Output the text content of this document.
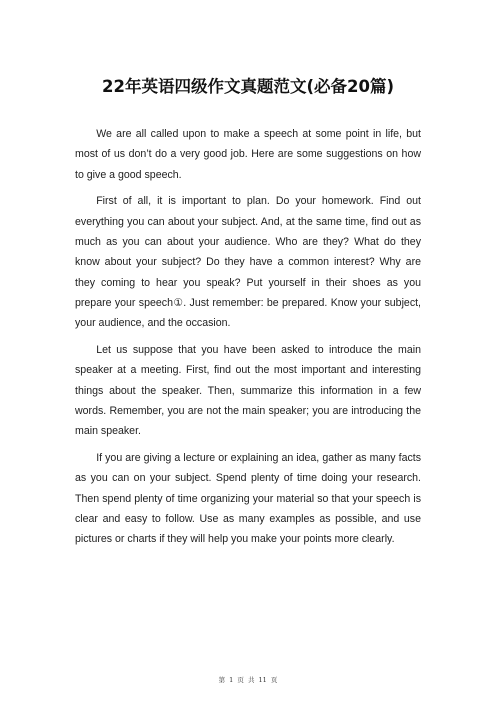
22年英语四级作文真题范文(必备20篇)

We are all called upon to make a speech at some point in life, but most of us don’t do a very good job. Here are some suggestions on how to give a good speech.

First of all, it is important to plan. Do your homework. Find out everything you can about your subject. And, at the same time, find out as much as you can about your audience. Who are they? What do they know about your subject? Do they have a common interest? Why are they coming to hear you speak? Put yourself in their shoes as you prepare your speech①. Just remember: be prepared. Know your subject, your audience, and the occasion.

Let us suppose that you have been asked to introduce the main speaker at a meeting. First, find out the most important and interesting things about the speaker. Then, summarize this information in a few words. Remember, you are not the main speaker; you are introducing the main speaker.

If you are giving a lecture or explaining an idea, gather as many facts as you can on your subject. Spend plenty of time doing your research. Then spend plenty of time organizing your material so that your speech is clear and easy to follow. Use as many examples as possible, and use pictures or charts if they will help you make your points more clearly.

第 1 页 共 11 页
